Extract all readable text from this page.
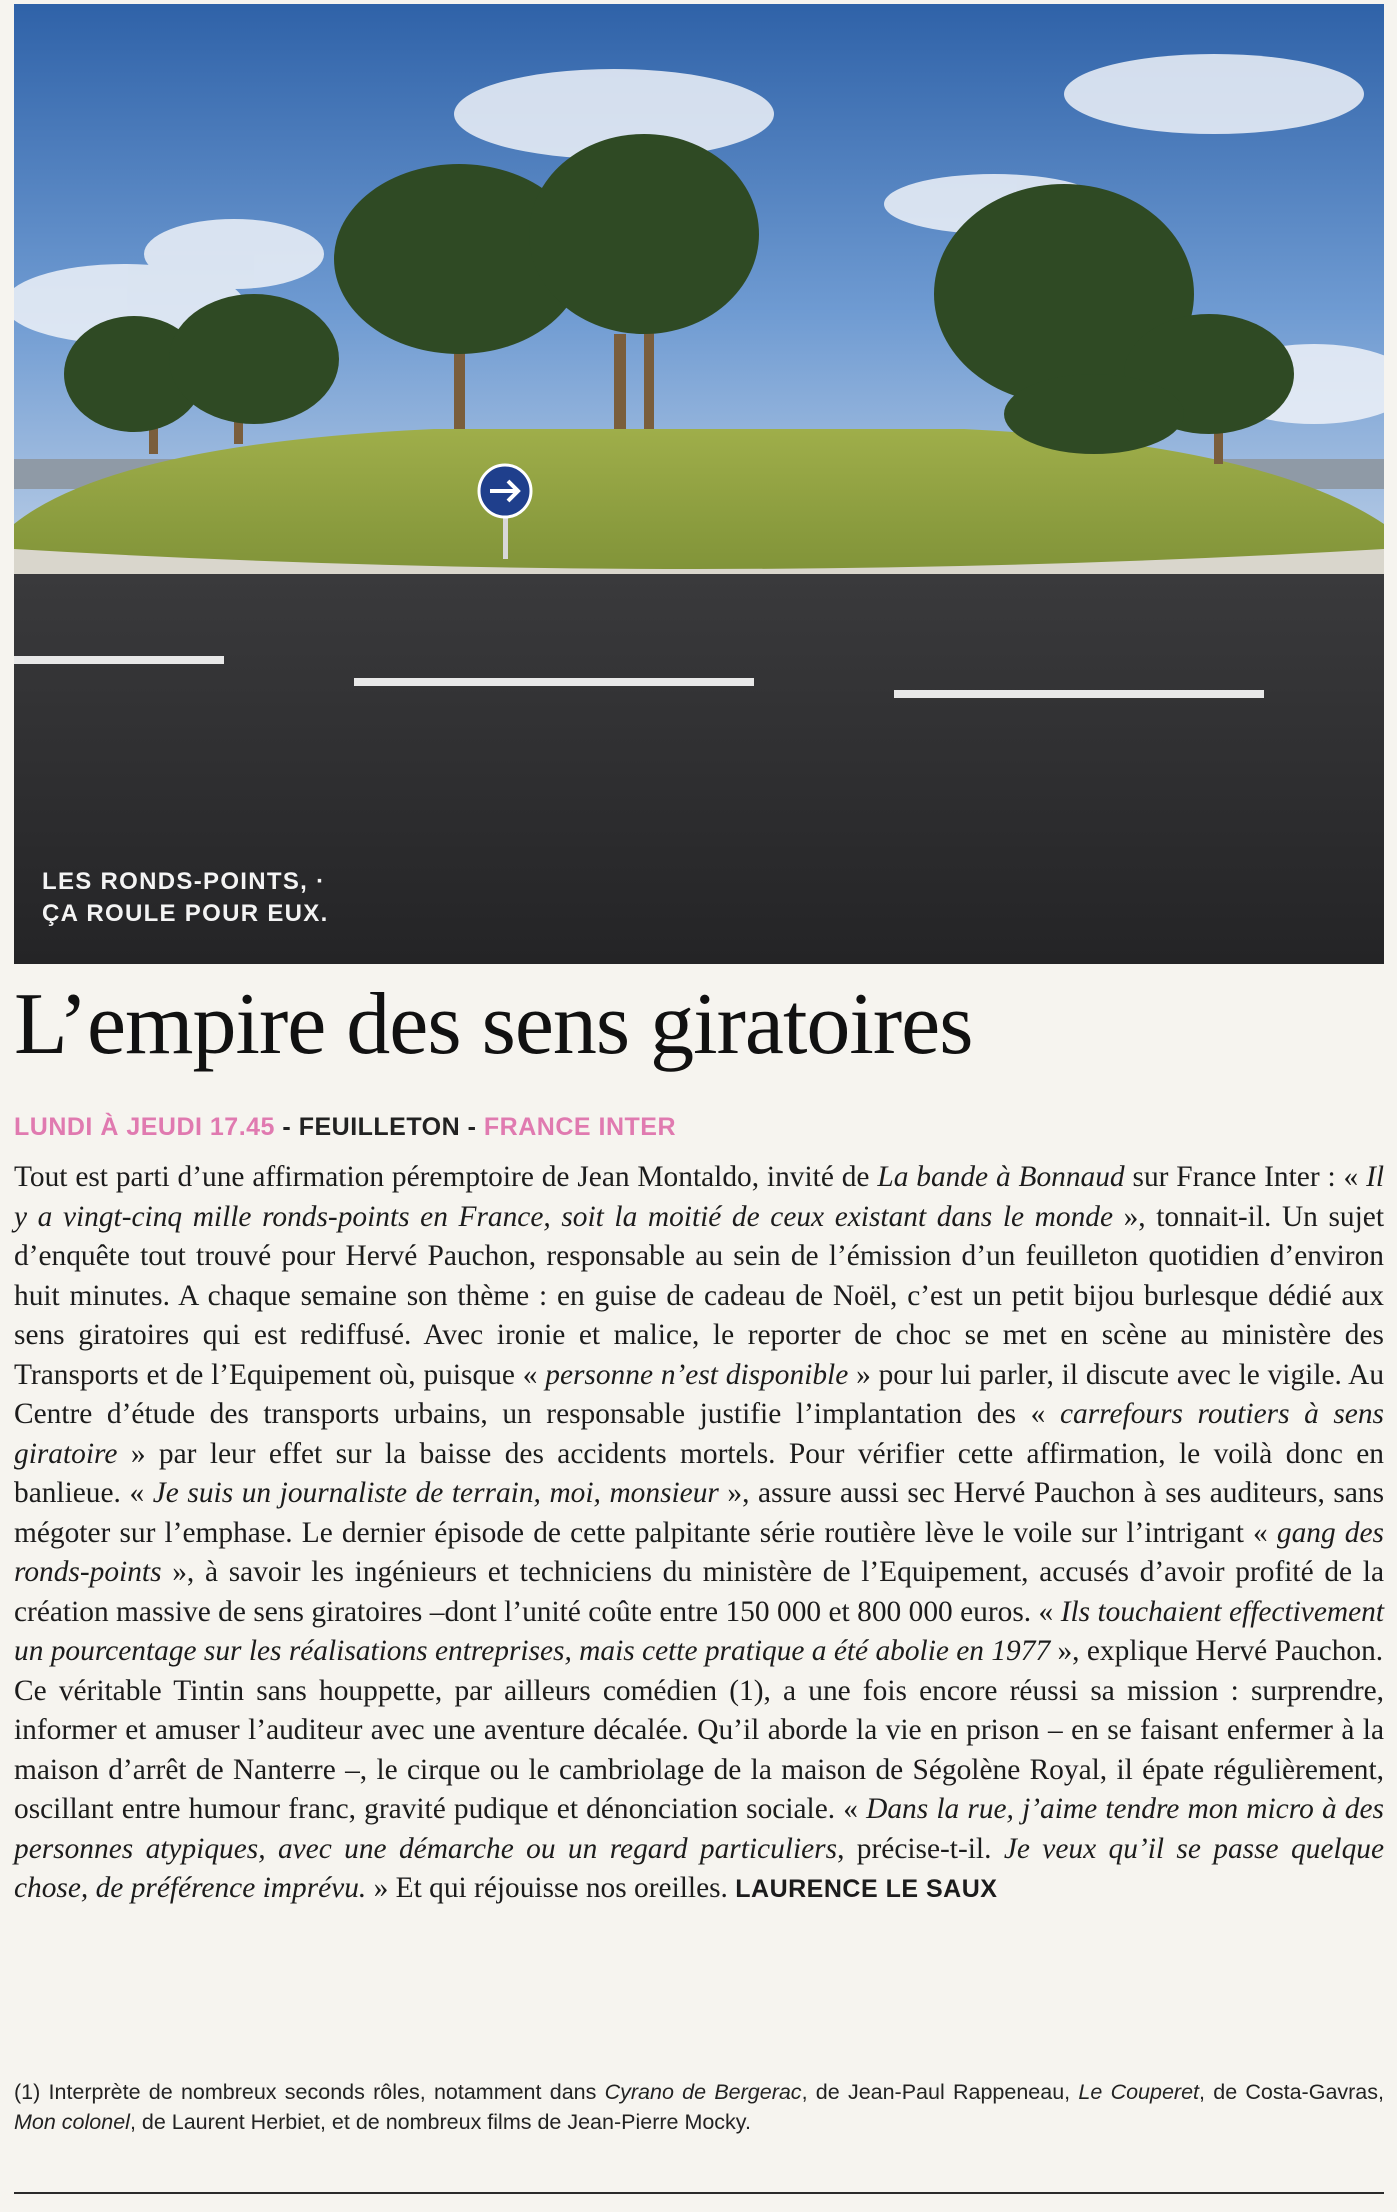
LES RONDS-POINTS, ·
ÇA ROULE POUR EUX.
L’empire des sens giratoires
LUNDI À JEUDI 17.45 - FEUILLETON - FRANCE INTER

Tout est parti d’une affirmation péremptoire de Jean Montaldo, invité de La bande à Bonnaud sur France Inter : « Il y a vingt-cinq mille ronds-points en France, soit la moitié de ceux existant dans le monde », tonnait-il. Un sujet d’enquête tout trouvé pour Hervé Pauchon, responsable au sein de l’émission d’un feuilleton quotidien d’environ huit minutes. A chaque semaine son thème : en guise de cadeau de Noël, c’est un petit bijou burlesque dédié aux sens giratoires qui est rediffusé. Avec ironie et malice, le reporter de choc se met en scène au ministère des Transports et de l’Equipement où, puisque « personne n’est disponible » pour lui parler, il discute avec le vigile. Au Centre d’étude des transports urbains, un responsable justifie l’implantation des « carrefours routiers à sens giratoire » par leur effet sur la baisse des accidents mortels. Pour vérifier cette affirmation, le voilà donc en banlieue. « Je suis un journaliste de terrain, moi, monsieur », assure aussi sec Hervé Pauchon à ses auditeurs, sans mégoter sur l’emphase. Le dernier épisode de cette palpitante série routière lève le voile sur l’intrigant « gang des ronds-points », à savoir les ingénieurs et techniciens du ministère de l’Equipement, accusés d’avoir profité de la création massive de sens giratoires –dont l’unité coûte entre 150 000 et 800 000 euros. « Ils touchaient effectivement un pourcentage sur les réalisations entreprises, mais cette pratique a été abolie en 1977 », explique Hervé Pauchon.

Ce véritable Tintin sans houppette, par ailleurs comédien (1), a une fois encore réussi sa mission : surprendre, informer et amuser l’auditeur avec une aventure décalée. Qu’il aborde la vie en prison – en se faisant enfermer à la maison d’arrêt de Nanterre –, le cirque ou le cambriolage de la maison de Ségolène Royal, il épate régulièrement, oscillant entre humour franc, gravité pudique et dénonciation sociale. « Dans la rue, j’aime tendre mon micro à des personnes atypiques, avec une démarche ou un regard particuliers, précise-t-il. Je veux qu’il se passe quelque chose, de préférence imprévu. » Et qui réjouisse nos oreilles. LAURENCE LE SAUX

(1) Interprète de nombreux seconds rôles, notamment dans Cyrano de Bergerac, de Jean-Paul Rappeneau, Le Couperet, de Costa-Gavras, Mon colonel, de Laurent Herbiet, et de nombreux films de Jean-Pierre Mocky.
